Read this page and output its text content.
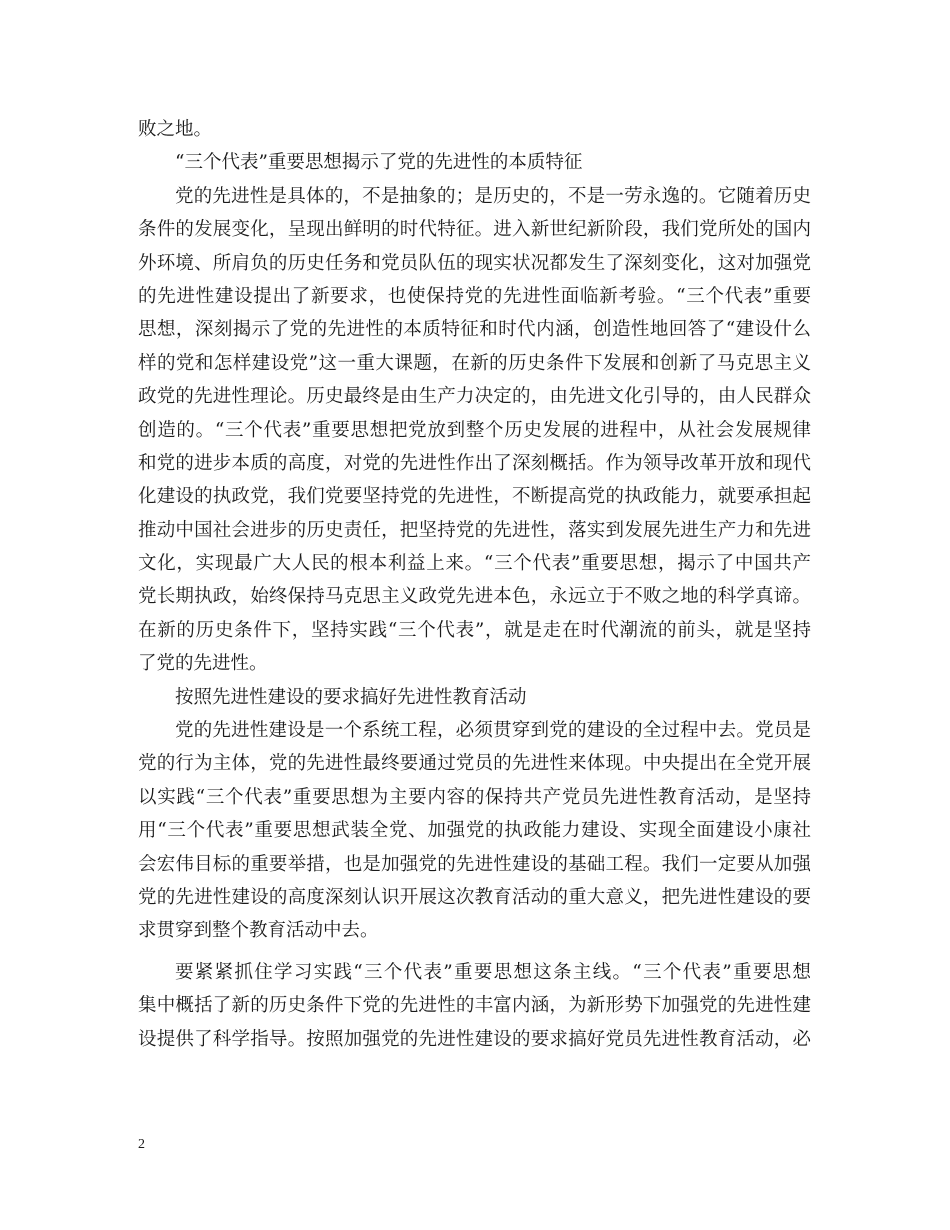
败之地。
“三个代表”重要思想揭示了党的先进性的本质特征
党的先进性是具体的，不是抽象的；是历史的，不是一劳永逸的。它随着历史
条件的发展变化，呈现出鲜明的时代特征。进入新世纪新阶段，我们党所处的国内
外环境、所肩负的历史任务和党员队伍的现实状况都发生了深刻变化，这对加强党
的先进性建设提出了新要求，也使保持党的先进性面临新考验。“三个代表”重要
思想，深刻揭示了党的先进性的本质特征和时代内涵，创造性地回答了“建设什么
样的党和怎样建设党”这一重大课题，在新的历史条件下发展和创新了马克思主义
政党的先进性理论。历史最终是由生产力决定的，由先进文化引导的，由人民群众
创造的。“三个代表”重要思想把党放到整个历史发展的进程中，从社会发展规律
和党的进步本质的高度，对党的先进性作出了深刻概括。作为领导改革开放和现代
化建设的执政党，我们党要坚持党的先进性，不断提高党的执政能力，就要承担起
推动中国社会进步的历史责任，把坚持党的先进性，落实到发展先进生产力和先进
文化，实现最广大人民的根本利益上来。“三个代表”重要思想，揭示了中国共产
党长期执政，始终保持马克思主义政党先进本色，永远立于不败之地的科学真谛。
在新的历史条件下，坚持实践“三个代表”，就是走在时代潮流的前头，就是坚持
了党的先进性。
按照先进性建设的要求搞好先进性教育活动
党的先进性建设是一个系统工程，必须贯穿到党的建设的全过程中去。党员是
党的行为主体，党的先进性最终要通过党员的先进性来体现。中央提出在全党开展
以实践“三个代表”重要思想为主要内容的保持共产党员先进性教育活动，是坚持
用“三个代表”重要思想武装全党、加强党的执政能力建设、实现全面建设小康社
会宏伟目标的重要举措，也是加强党的先进性建设的基础工程。我们一定要从加强
党的先进性建设的高度深刻认识开展这次教育活动的重大意义，把先进性建设的要
求贯穿到整个教育活动中去。
要紧紧抓住学习实践“三个代表”重要思想这条主线。“三个代表”重要思想
集中概括了新的历史条件下党的先进性的丰富内涵，为新形势下加强党的先进性建
设提供了科学指导。按照加强党的先进性建设的要求搞好党员先进性教育活动，必
2
